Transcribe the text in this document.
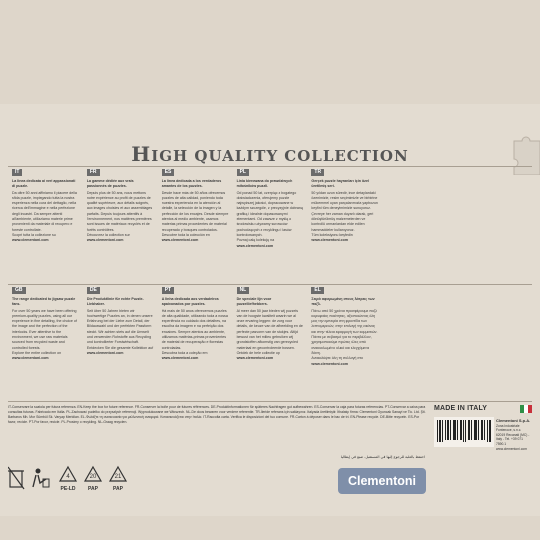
HIGH QUALITY COLLECTION
IT
La linea dedicata ai veri appassionati di puzzle.
Da oltre 50 anni affiniamo il piacere della sfida puzzle, impiegando tutta la nostra esperienza nella cura del dettaglio, nella ricerca dell'immagine e nella perfezione degli incastri. Da sempre attenti all'ambiente, utilizziamo materie prime provenienti da materiale di recupero e foreste controllate.
Scopri tutta la collezione su www.clementoni.com
FR
La gamme dédiée aux vrais passionnés de puzzles.
Depuis plus de 50 ans, nous mettons notre expérience au profit de puzzles de qualité supérieure, aux détails soignés, aux images choisies et aux assemblages parfaits. Depuis toujours attentifs à l'environnement, nos matières premières sont issues de matériaux recyclés et de forêts contrôlées.
Découvrez la collection sur www.clementoni.com
ES
La línea dedicada a los verdaderos amantes de los puzzles.
Desde hace más de 50 años ofrecemos puzzles de alta calidad, poniendo toda nuestra experiencia en la atención al detalle, la selección de la imagen y la perfección de los encajes. Desde siempre atentos al medio ambiente, usamos materias primas procedentes de material recuperado y bosques controlados.
Descubre toda la colección en www.clementoni.com
PL
Linia kierowana do prawdziwych miłośników puzzli.
Od ponad 50 lat, czerpiąc z bogatego doświadczenia, oferujemy puzzle najwyższej jakości, dopracowane w każdym szczególe, z precyzyjnie dobraną grafiką i idealnie dopasowanymi elementami. Od zawsze z myślą o środowisku używamy surowców pochodzących z recyklingu i lasów kontrolowanych.
Poznaj całą kolekcję na www.clementoni.com
TR
Gerçek puzzle hayranları için özel üretilmiş seri.
50 yıldan uzun süredir, ince detaylardaki özenimizle, resim seçimimizle ve birbirine mükemmel uyan parçalarımızla yapbozun keyfini tüm deneyimimizle sunuyoruz. Çevreye her zaman duyarlı olarak, geri dönüştürülmüş malzemelerden ve kontrollü ormanlardan elde edilen hammaddeler kullanıyoruz.
Tüm koleksiyonu keşfedin www.clementoni.com
GB
The range dedicated to jigsaw puzzle fans.
For over 50 years we have been offering premium-quality puzzles, using all our experience in fine detailing, the choice of the image and the perfection of the interlocks. Ever attentive to the environment, we use raw materials sourced from recycled waste and controlled forests.
Explore the entire collection on www.clementoni.com
DE
Die Produktlinie für echte Puzzle-Liebhaber.
Seit über 50 Jahren bieten wir hochwertige Puzzles an, in denen unsere Erfahrung bei der Liebe zum Detail, der Bildauswahl und der perfekten Passform steckt. Wir achten stets auf die Umwelt und verwenden Rohstoffe aus Recycling und kontrollierter Forstwirtschaft.
Entdecken Sie die gesamte Kollektion auf www.clementoni.com
PT
A linha dedicada aos verdadeiros apaixonados por puzzles.
Há mais de 50 anos oferecemos puzzles de alta qualidade, utilizando toda a nossa experiência no cuidado dos detalhes, na escolha da imagem e na perfeição dos encaixes. Sempre atentos ao ambiente, utilizamos matérias-primas provenientes de material de recuperação e florestas controladas.
Descubra toda a coleção em www.clementoni.com
NL
De speciale lijn voor puzzelliefhebbers.
Al meer dan 50 jaar bieden wij puzzels van de hoogste kwaliteit waarin we al onze ervaring leggen: de zorg voor details, de keuze van de afbeelding en de perfecte pasvorm van de stukjes. Altijd bewust van het milieu gebruiken wij grondstoffen afkomstig van gerecycled materiaal en gecontroleerde bossen.
Ontdek de hele collectie op www.clementoni.com
EL
Σειρά αφιερωμένη στους λάτρεις των παζλ.
Πάνω από 50 χρόνια προσφέρουμε παζλ κορυφαίας ποιότητας, αξιοποιώντας όλη μας την εμπειρία στη φροντίδα των λεπτομερειών, στην επιλογή της εικόνας και στην τέλεια εφαρμογή των κομματιών. Πάντα με σεβασμό για το περιβάλλον, χρησιμοποιούμε πρώτες ύλες από ανακυκλωμένο υλικό και ελεγχόμενα δάση.
Ανακαλύψτε όλη τη συλλογή στο www.clementoni.com
IT-Conservare la scatola per futura referenza. EN-Keep the box for future reference. FR-Conserver la boîte pour de futures références. DE-Produktinformationen für späteres Nachfragen gut aufbewahren. ES-Conservar la caja para futuras referencias. PT-Conservar a caixa para consultas futuras. Fabricado em Itália. PL-Zachować pudełko do przyszłych referencji. Wyprodukowane we Włoszech. NL-De doos bewaren voor verdere referentie. TR-İleride referans için saklayınız. Italyada üretilmiştir. İthalatçı firma: Clementoni Oyuncak Sanayi ve Tic. Ltd. Şti. Barbaros Mh. Mor Sümbül Sk. Varyap Meridian. EL-Φυλάξτε τη συσκευασία για μελλοντική αναφορά. Κατασκευάζεται στην Ιταλία. IT-Raccolta carta. Verifica le disposizioni del tuo comune. FR-Carton à déposer dans le bac de tri. EN-Please recycle. DE-Bitte recyceln. ES-Por favor, recicle. PT-Por favor, recicle. PL-Prosimy o recykling. NL-Graag recyclen.
احتفظ بالعلبة للرجوع إليها في المستقبل. صنع في إيطاليا
4
PE-LD
20
PAP
21
PAP
Clementoni
MADE IN ITALY
Clementoni S.p.A.
Zona Industriale Fontenoce, s.n.c.
62019 Recanati (MC) - Italy - Tel. +39 071 7590.1
www.clementoni.com
